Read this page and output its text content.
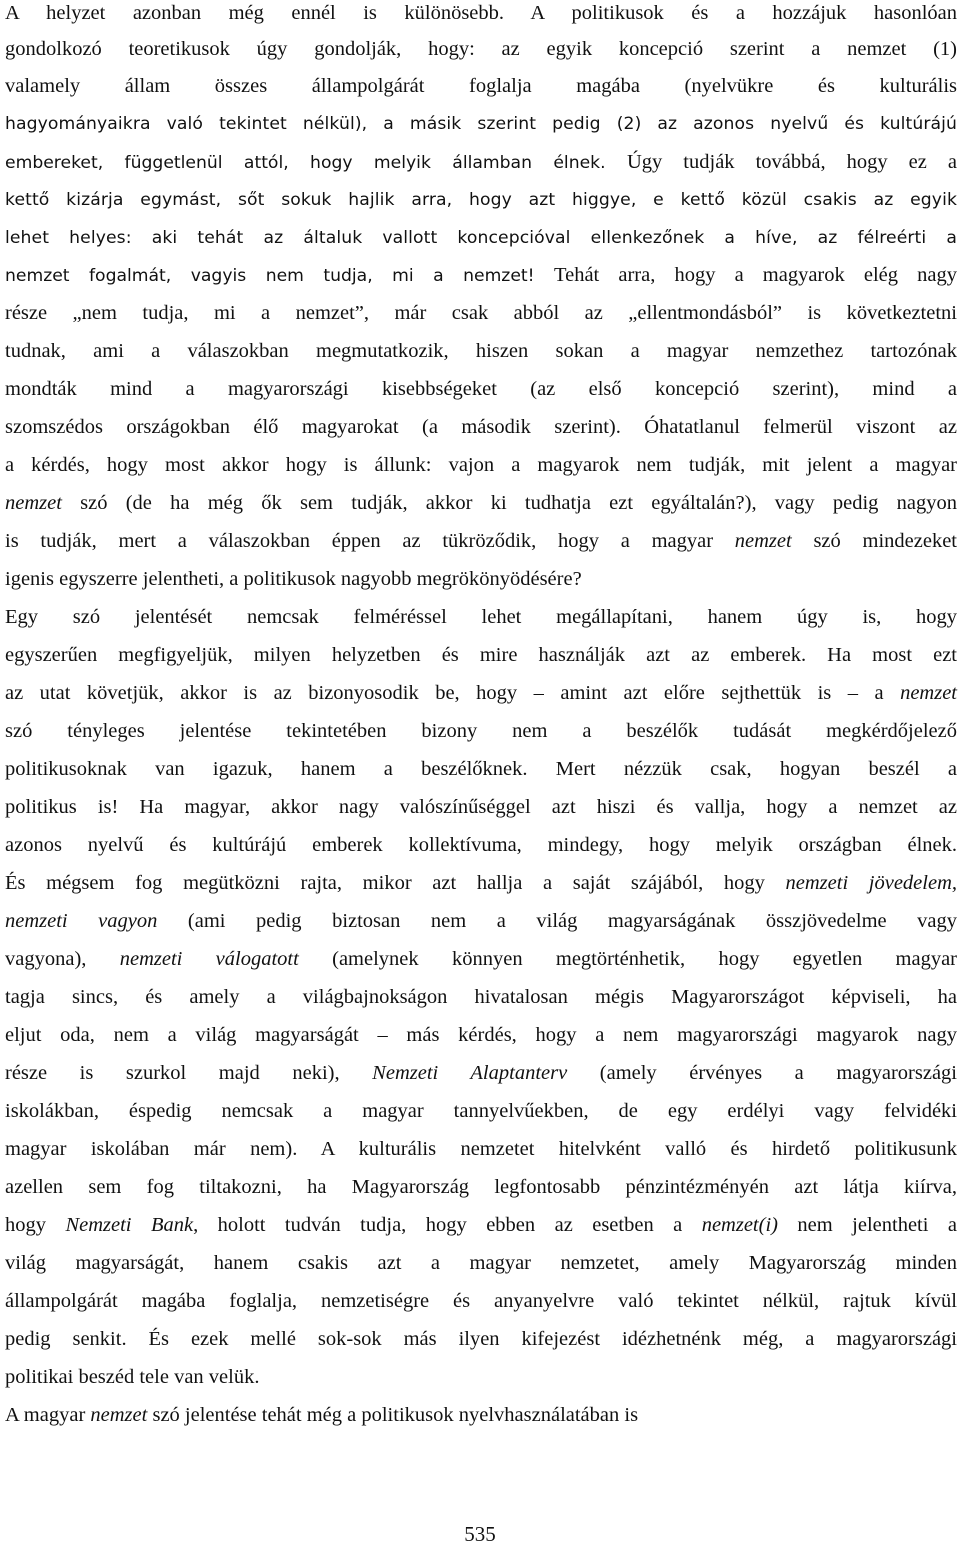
A helyzet azonban még ennél is különösebb. A politikusok és a hozzájuk hasonlóan
gondolkozó teoretikusok úgy gondolják, hogy: az egyik koncepció szerint a nemzet (1)
valamely állam összes állampolgárát foglalja magába (nyelvükre és kulturális
hagyományaikra való tekintet nélkül), a másik szerint pedig (2) az azonos nyelvű és kultúrájú
embereket, függetlenül attól, hogy melyik államban élnek. Úgy tudják továbbá, hogy ez a
kettő kizárja egymást, sőt sokuk hajlik arra, hogy azt higgye, e kettő közül csakis az egyik
lehet helyes: aki tehát az általuk vallott koncepcióval ellenkezőnek a híve, az félreérti a
nemzet fogalmát, vagyis nem tudja, mi a nemzet! Tehát arra, hogy a magyarok elég nagy
része „nem tudja, mi a nemzet”, már csak abból az „ellentmondásból” is következtetni
tudnak, ami a válaszokban megmutatkozik, hiszen sokan a magyar nemzethez tartozónak
mondták mind a magyarországi kisebbségeket (az első koncepció szerint), mind a
szomszédos országokban élő magyarokat (a második szerint). Óhatatlanul felmerül viszont az
a kérdés, hogy most akkor hogy is állunk: vajon a magyarok nem tudják, mit jelent a magyar
nemzet szó (de ha még ők sem tudják, akkor ki tudhatja ezt egyáltalán?), vagy pedig nagyon
is tudják, mert a válaszokban éppen az tükröződik, hogy a magyar nemzet szó mindezeket
igenis egyszerre jelentheti, a politikusok nagyobb megrökönyödésére?
Egy szó jelentését nemcsak felméréssel lehet megállapítani, hanem úgy is, hogy
egyszerűen megfigyeljük, milyen helyzetben és mire használják azt az emberek. Ha most ezt
az utat követjük, akkor is az bizonyosodik be, hogy – amint azt előre sejthettük is – a nemzet
szó tényleges jelentése tekintetében bizony nem a beszélők tudását megkérdőjelező
politikusoknak van igazuk, hanem a beszélőknek. Mert nézzük csak, hogyan beszél a
politikus is! Ha magyar, akkor nagy valószínűséggel azt hiszi és vallja, hogy a nemzet az
azonos nyelvű és kultúrájú emberek kollektívuma, mindegy, hogy melyik országban élnek.
És mégsem fog megütközni rajta, mikor azt hallja a saját szájából, hogy nemzeti jövedelem,
nemzeti vagyon (ami pedig biztosan nem a világ magyarságának összjövedelme vagy
vagyona), nemzeti válogatott (amelynek könnyen megtörténhetik, hogy egyetlen magyar
tagja sincs, és amely a világbajnokságon hivatalosan mégis Magyarországot képviseli, ha
eljut oda, nem a világ magyarságát – más kérdés, hogy a nem magyarországi magyarok nagy
része is szurkol majd neki), Nemzeti Alaptanterv (amely érvényes a magyarországi
iskolákban, éspedig nemcsak a magyar tannyelvűekben, de egy erdélyi vagy felvidéki
magyar iskolában már nem). A kulturális nemzetet hitelvként valló és hirdető politikusunk
azellen sem fog tiltakozni, ha Magyarország legfontosabb pénzintézményén azt látja kiírva,
hogy Nemzeti Bank, holott tudván tudja, hogy ebben az esetben a nemzet(i) nem jelentheti a
világ magyarságát, hanem csakis azt a magyar nemzetet, amely Magyarország minden
állampolgárát magába foglalja, nemzetiségre és anyanyelvre való tekintet nélkül, rajtuk kívül
pedig senkit. És ezek mellé sok-sok más ilyen kifejezést idézhetnénk még, a magyarországi
politikai beszéd tele van velük.
A magyar nemzet szó jelentése tehát még a politikusok nyelvhasználatában is
535
